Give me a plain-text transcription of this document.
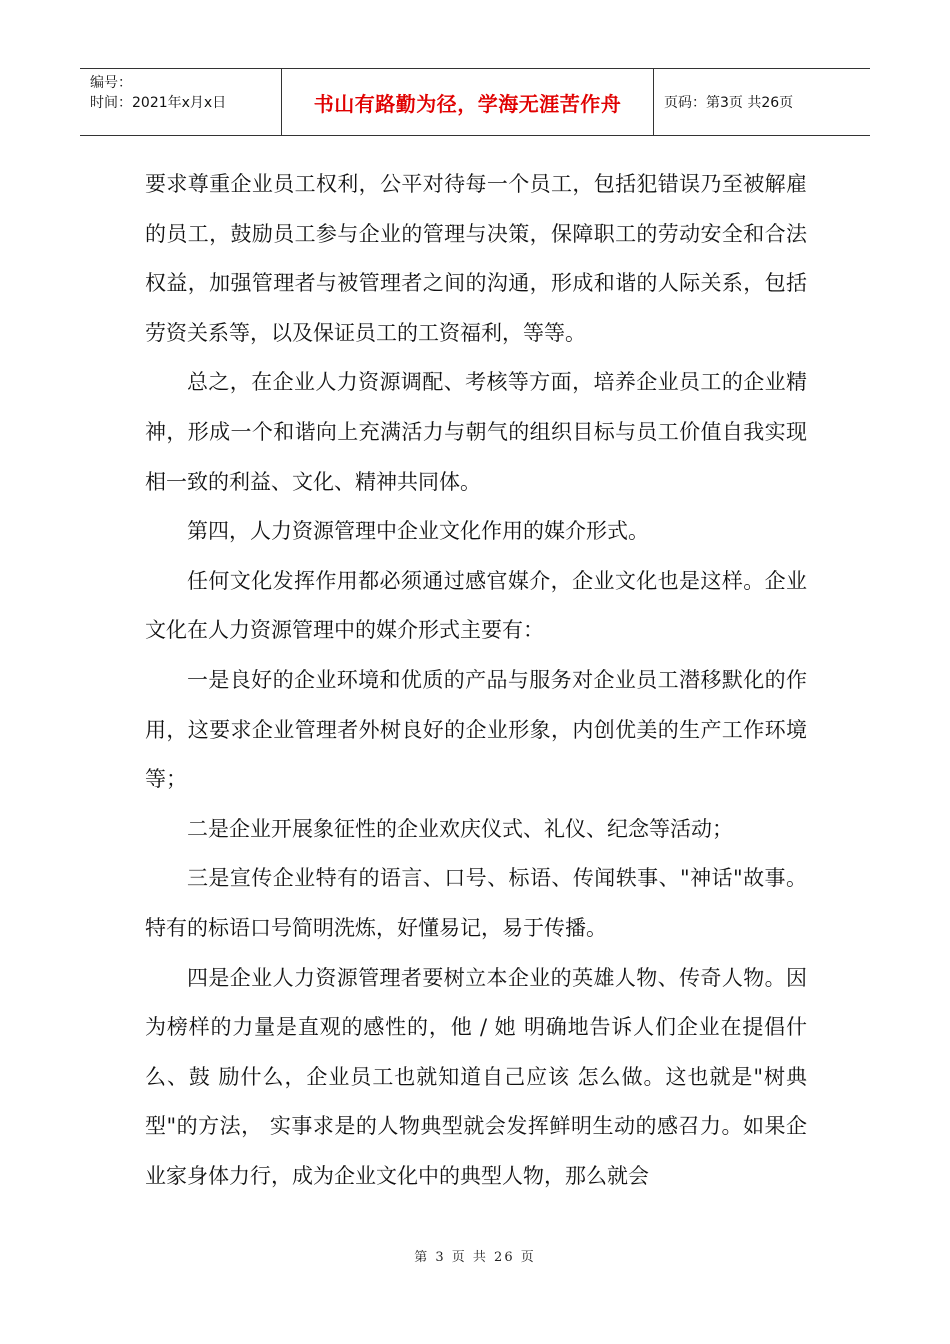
编号：
时间：2021年x月x日	书山有路勤为径，学海无涯苦作舟	页码：第3页 共26页

要求尊重企业员工权利，公平对待每一个员工，包括犯错误乃至被解雇的员工，鼓励员工参与企业的管理与决策，保障职工的劳动安全和合法权益，加强管理者与被管理者之间的沟通，形成和谐的人际关系，包括劳资关系等，以及保证员工的工资福利，等等。

总之，在企业人力资源调配、考核等方面，培养企业员工的企业精神，形成一个和谐向上充满活力与朝气的组织目标与员工价值自我实现相一致的利益、文化、精神共同体。

第四，人力资源管理中企业文化作用的媒介形式。

任何文化发挥作用都必须通过感官媒介，企业文化也是这样。企业文化在人力资源管理中的媒介形式主要有：

一是良好的企业环境和优质的产品与服务对企业员工潜移默化的作用，这要求企业管理者外树良好的企业形象，内创优美的生产工作环境等；

二是企业开展象征性的企业欢庆仪式、礼仪、纪念等活动；

三是宣传企业特有的语言、口号、标语、传闻轶事、"神话"故事。特有的标语口号简明洗炼，好懂易记，易于传播。

四是企业人力资源管理者要树立本企业的英雄人物、传奇人物。因为榜样的力量是直观的感性的，他 / 她 明确地告诉人们企业在提倡什么、鼓 励什么，企业员工也就知道自己应该 怎么做。这也就是"树典型"的方法， 实事求是的人物典型就会发挥鲜明生动的感召力。如果企业家身体力行，成为企业文化中的典型人物，那么就会

第 3 页 共 26 页
